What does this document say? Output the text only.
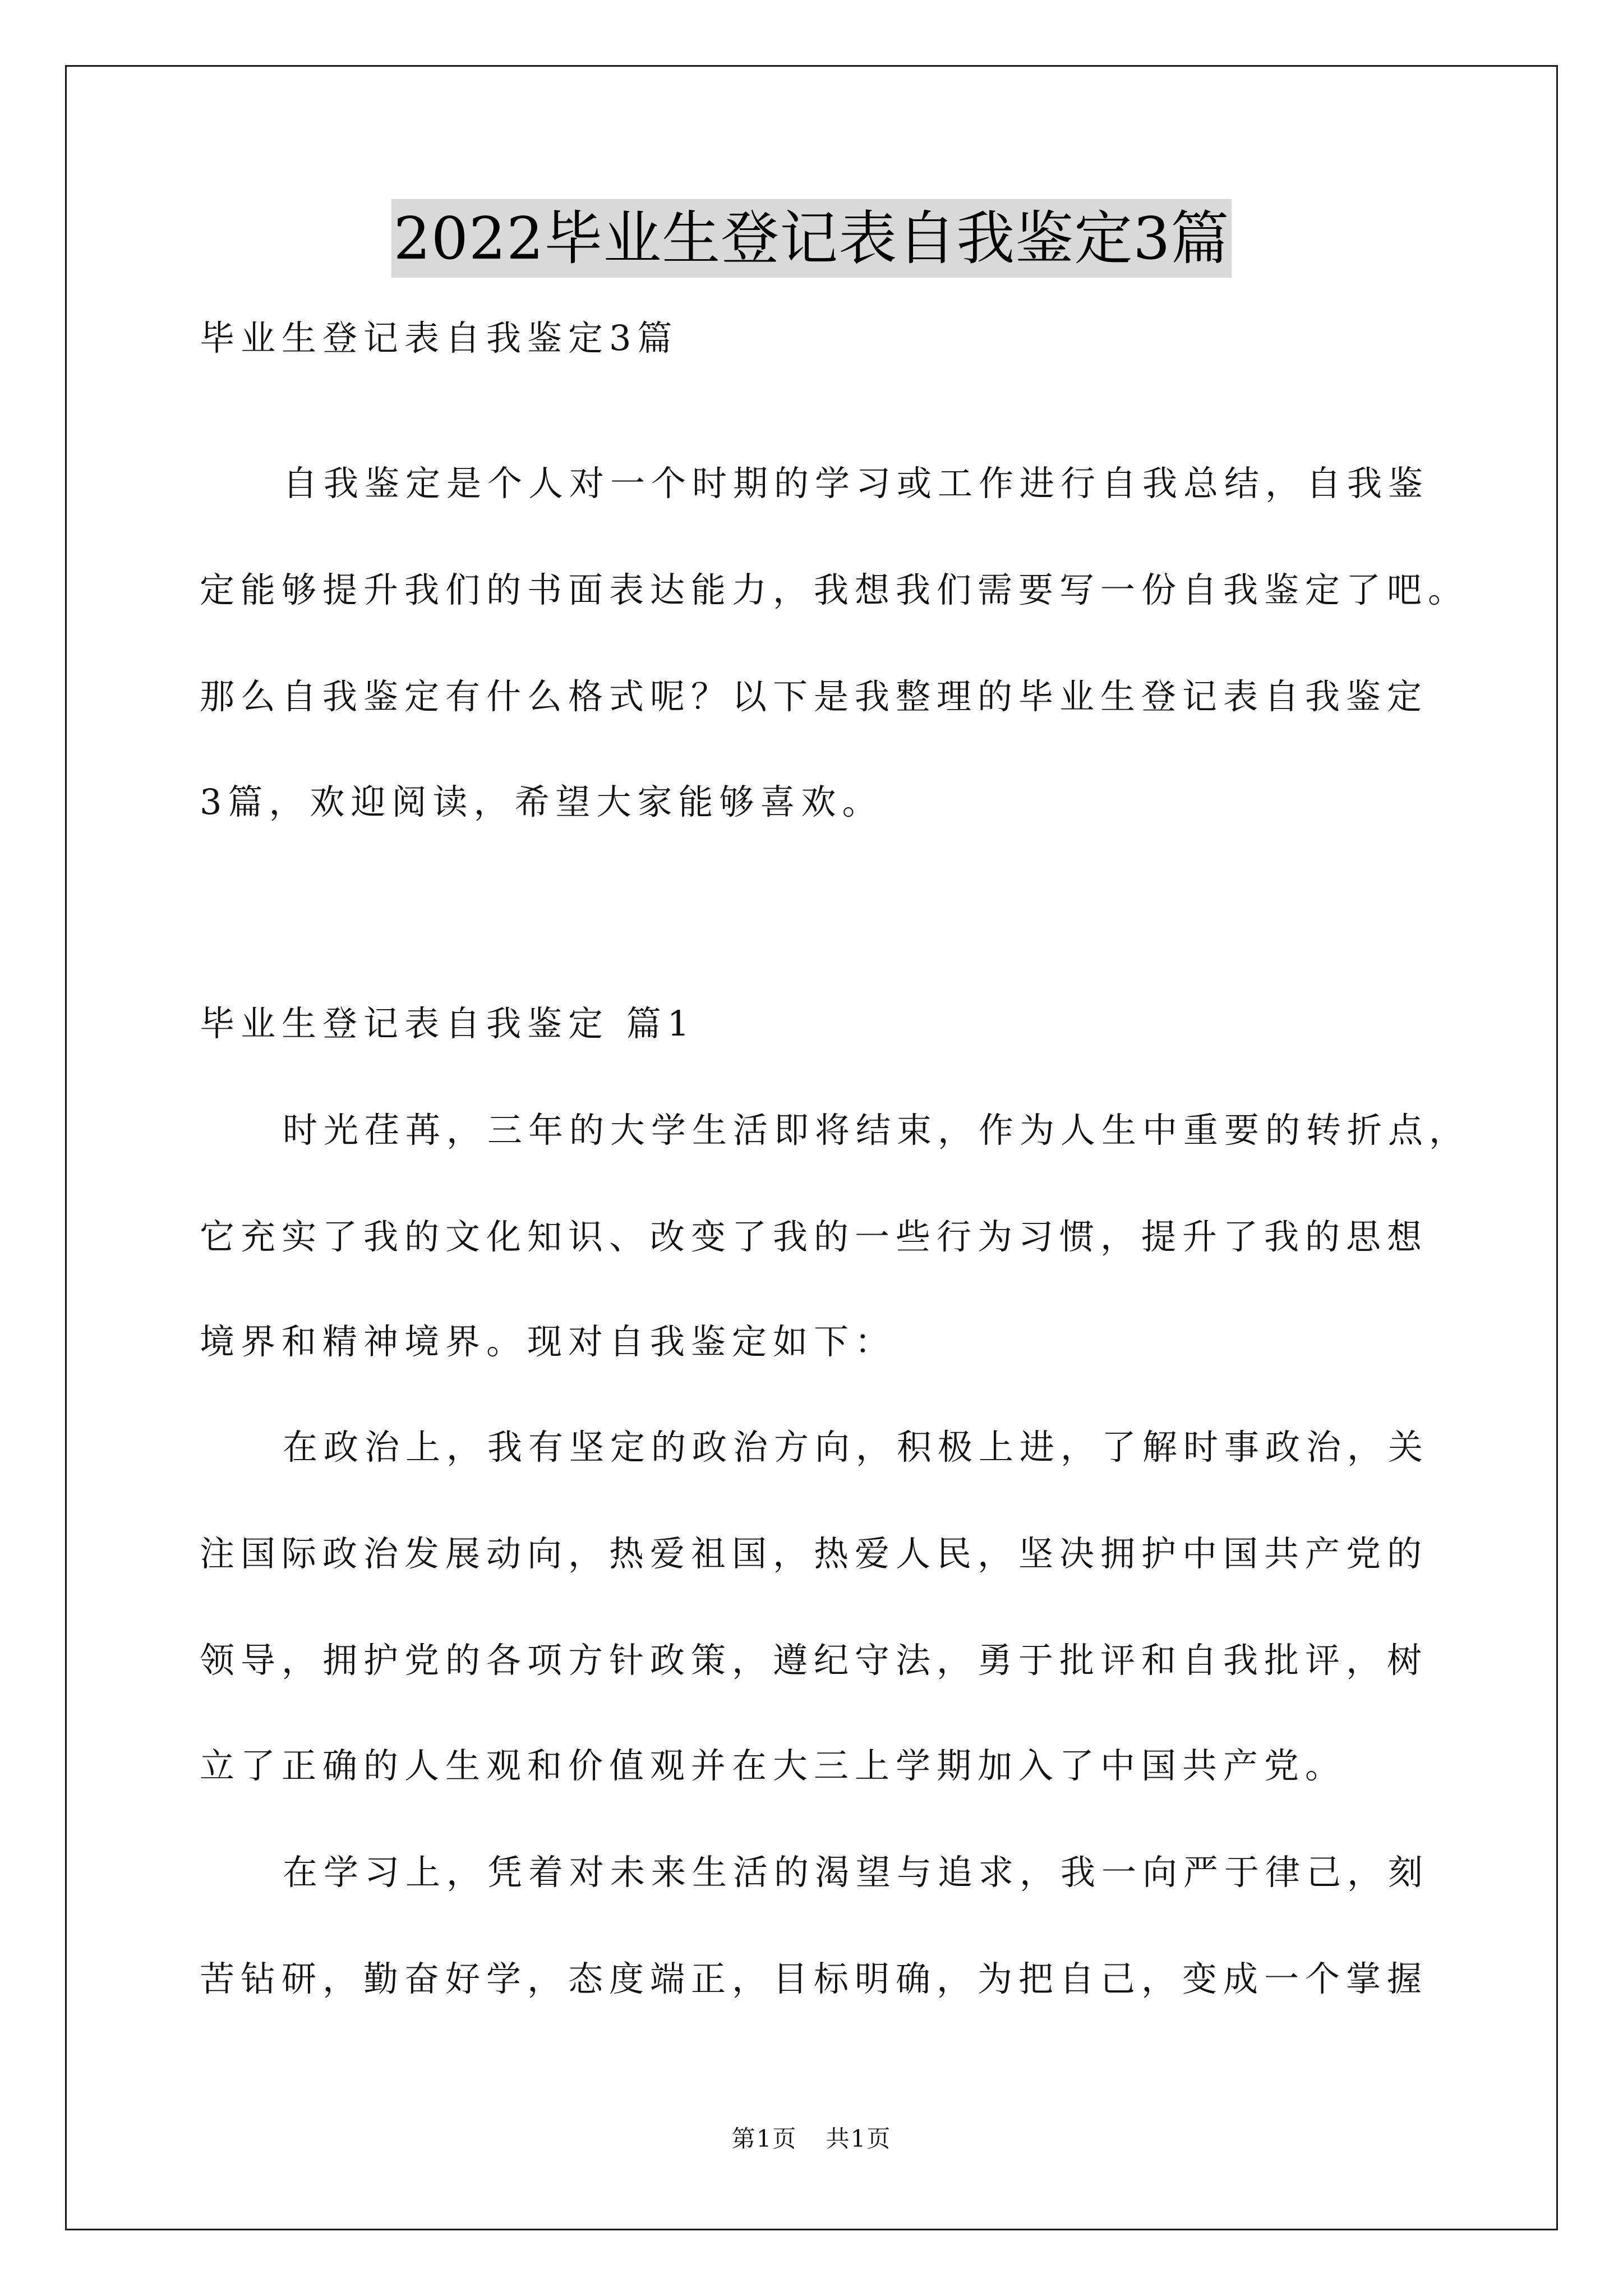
2022毕业生登记表自我鉴定3篇
毕业生登记表自我鉴定3篇
自我鉴定是个人对一个时期的学习或工作进行自我总结，自我鉴
定能够提升我们的书面表达能力，我想我们需要写一份自我鉴定了吧。
那么自我鉴定有什么格式呢？以下是我整理的毕业生登记表自我鉴定
3篇，欢迎阅读，希望大家能够喜欢。
毕业生登记表自我鉴定 篇1
时光荏苒，三年的大学生活即将结束，作为人生中重要的转折点，
它充实了我的文化知识、改变了我的一些行为习惯，提升了我的思想
境界和精神境界。现对自我鉴定如下：
在政治上，我有坚定的政治方向，积极上进，了解时事政治，关
注国际政治发展动向，热爱祖国，热爱人民，坚决拥护中国共产党的
领导，拥护党的各项方针政策，遵纪守法，勇于批评和自我批评，树
立了正确的人生观和价值观并在大三上学期加入了中国共产党。
在学习上，凭着对未来生活的渴望与追求，我一向严于律己，刻
苦钻研，勤奋好学，态度端正，目标明确，为把自己，变成一个掌握
第1页 共1页
